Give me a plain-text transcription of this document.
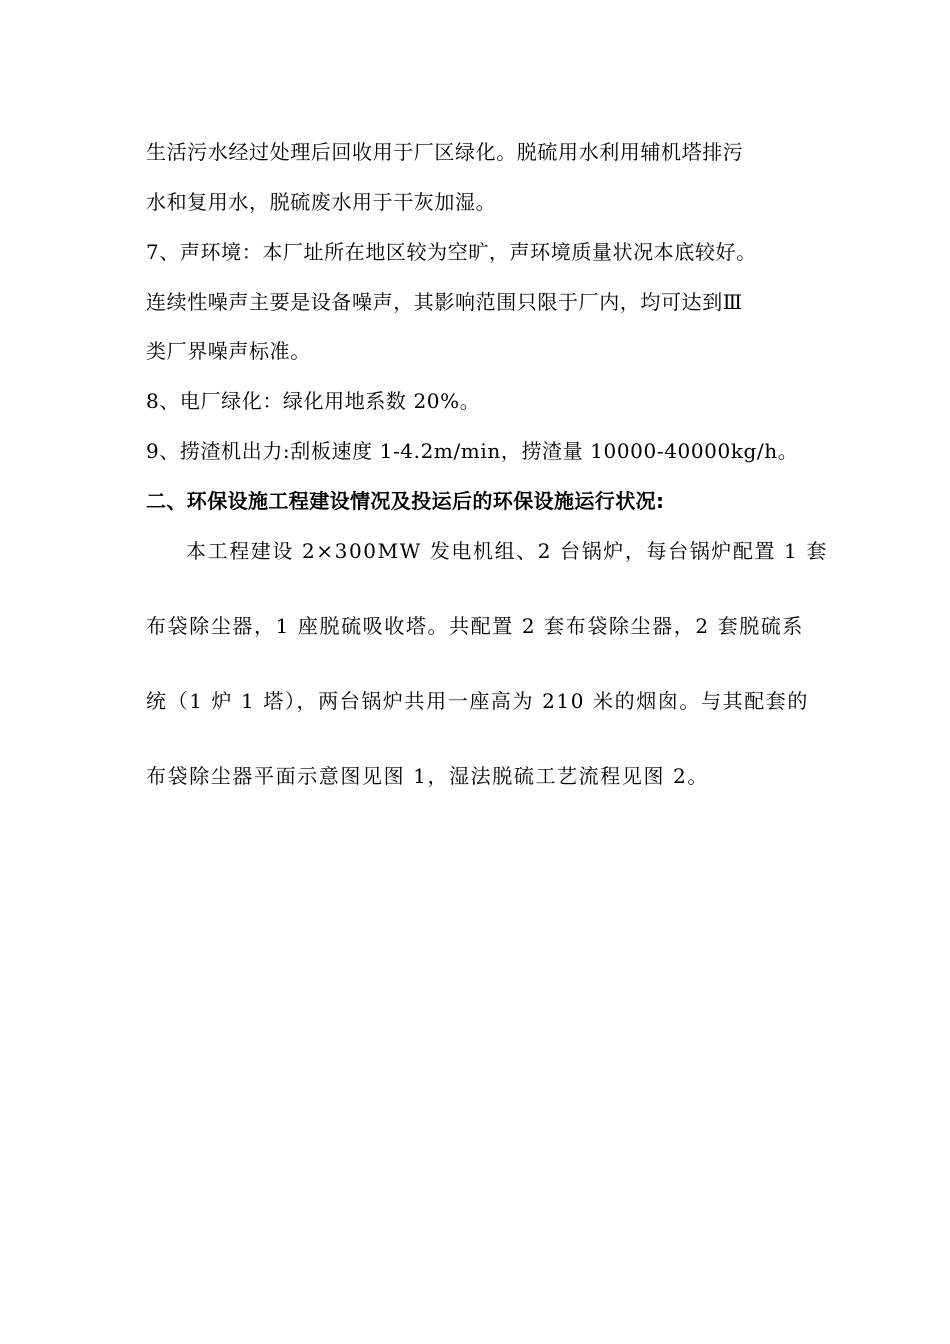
生活污水经过处理后回收用于厂区绿化。脱硫用水利用辅机塔排污
水和复用水，脱硫废水用于干灰加湿。
7、声环境：本厂址所在地区较为空旷，声环境质量状况本底较好。
连续性噪声主要是设备噪声，其影响范围只限于厂内，均可达到Ⅲ
类厂界噪声标准。
8、电厂绿化：绿化用地系数 20%。
9、捞渣机出力:刮板速度 1-4.2m/min，捞渣量 10000-40000kg/h。
二、环保设施工程建设情况及投运后的环保设施运行状况:
本工程建设 2×300MW 发电机组、2 台锅炉，每台锅炉配置 1 套
布袋除尘器，1 座脱硫吸收塔。共配置 2 套布袋除尘器，2 套脱硫系
统（1 炉 1 塔），两台锅炉共用一座高为 210 米的烟囱。与其配套的
布袋除尘器平面示意图见图 1，湿法脱硫工艺流程见图 2。
